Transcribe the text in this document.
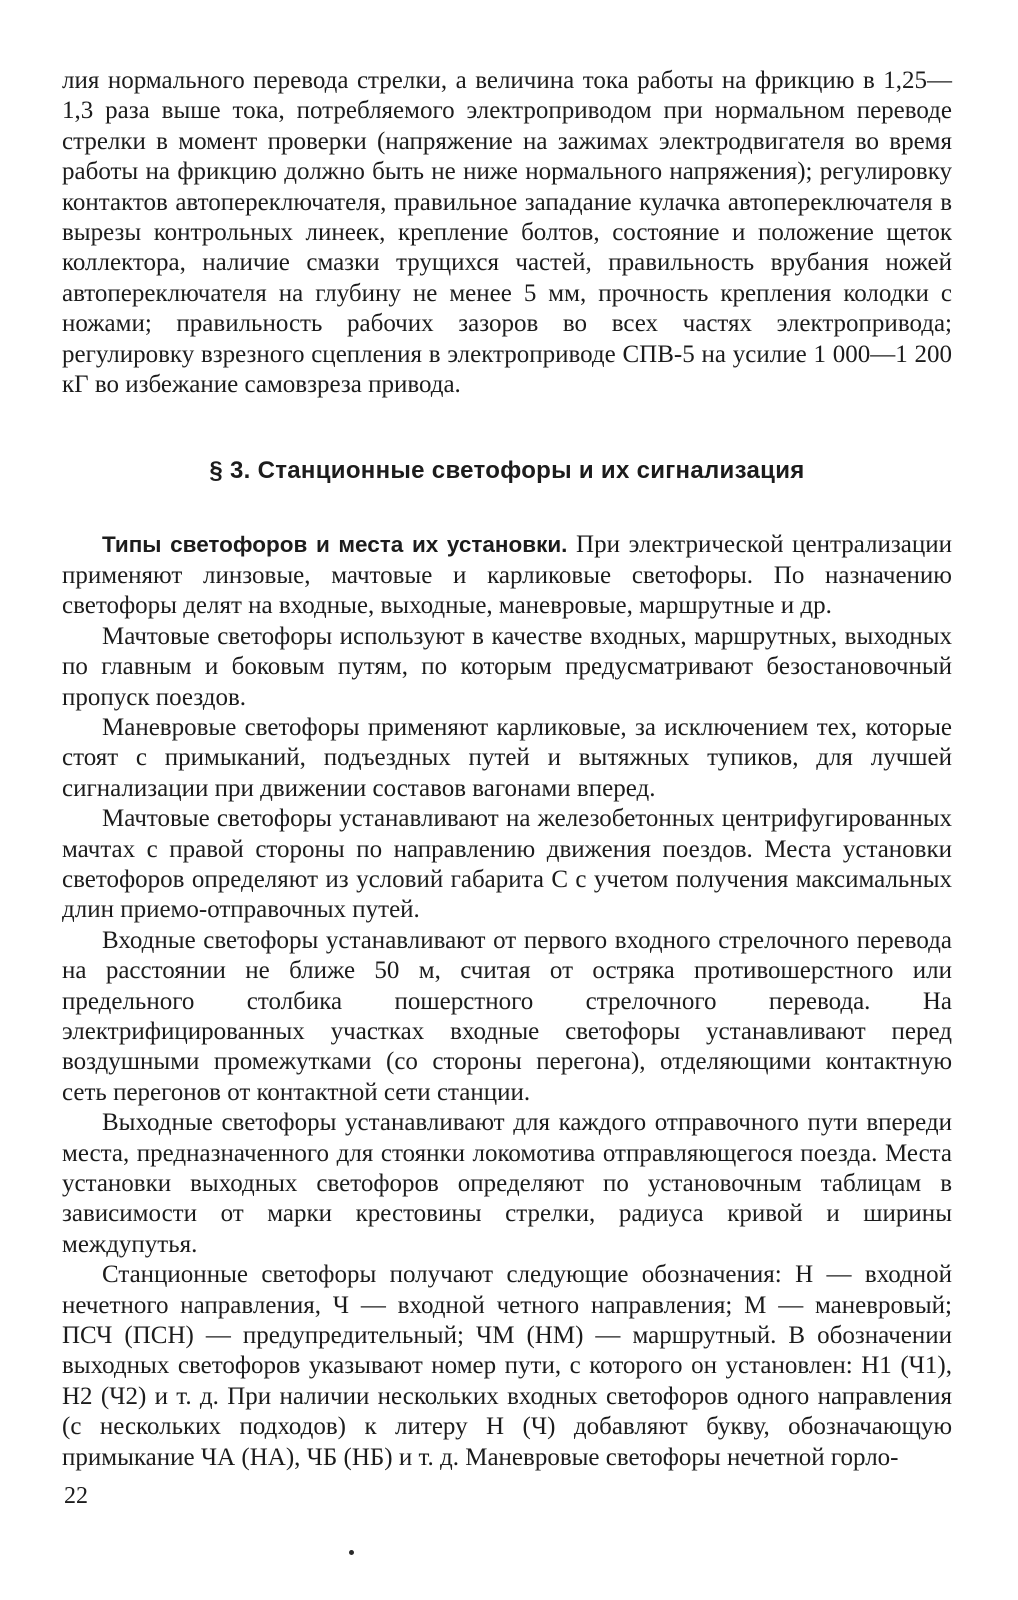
лия нормального перевода стрелки, а величина тока работы на фрикцию в 1,25—1,3 раза выше тока, потребляемого электроприводом при нормальном переводе стрелки в момент проверки (напряжение на зажимах электродвигателя во время работы на фрикцию должно быть не ниже нормального напряжения); регулировку контактов автопереключателя, правильное западание кулачка автопереключателя в вырезы контрольных линеек, крепление болтов, состояние и положение щеток коллектора, наличие смазки трущихся частей, правильность врубания ножей автопереключателя на глубину не менее 5 мм, прочность крепления колодки с ножами; правильность рабочих зазоров во всех частях электропривода; регулировку взрезного сцепления в электроприводе СПВ-5 на усилие 1 000—1 200 кГ во избежание самовзреза привода.

§ 3. Станционные светофоры и их сигнализация

Типы светофоров и места их установки. При электрической централизации применяют линзовые, мачтовые и карликовые светофоры. По назначению светофоры делят на входные, выходные, маневровые, маршрутные и др.

Мачтовые светофоры используют в качестве входных, маршрутных, выходных по главным и боковым путям, по которым предусматривают безостановочный пропуск поездов.

Маневровые светофоры применяют карликовые, за исключением тех, которые стоят с примыканий, подъездных путей и вытяжных тупиков, для лучшей сигнализации при движении составов вагонами вперед.

Мачтовые светофоры устанавливают на железобетонных центрифугированных мачтах с правой стороны по направлению движения поездов. Места установки светофоров определяют из условий габарита С с учетом получения максимальных длин приемо-отправочных путей.

Входные светофоры устанавливают от первого входного стрелочного перевода на расстоянии не ближе 50 м, считая от остряка противошерстного или предельного столбика пошерстного стрелочного перевода. На электрифицированных участках входные светофоры устанавливают перед воздушными промежутками (со стороны перегона), отделяющими контактную сеть перегонов от контактной сети станции.

Выходные светофоры устанавливают для каждого отправочного пути впереди места, предназначенного для стоянки локомотива отправляющегося поезда. Места установки выходных светофоров определяют по установочным таблицам в зависимости от марки крестовины стрелки, радиуса кривой и ширины междупутья.

Станционные светофоры получают следующие обозначения: Н — входной нечетного направления, Ч — входной четного направления; М — маневровый; ПСЧ (ПСН) — предупредительный; ЧМ (НМ) — маршрутный. В обозначении выходных светофоров указывают номер пути, с которого он установлен: Н1 (Ч1), Н2 (Ч2) и т. д. При наличии нескольких входных светофоров одного направления (с нескольких подходов) к литеру Н (Ч) добавляют букву, обозначающую примыкание ЧА (НА), ЧБ (НБ) и т. д. Маневровые светофоры нечетной горло-

22
